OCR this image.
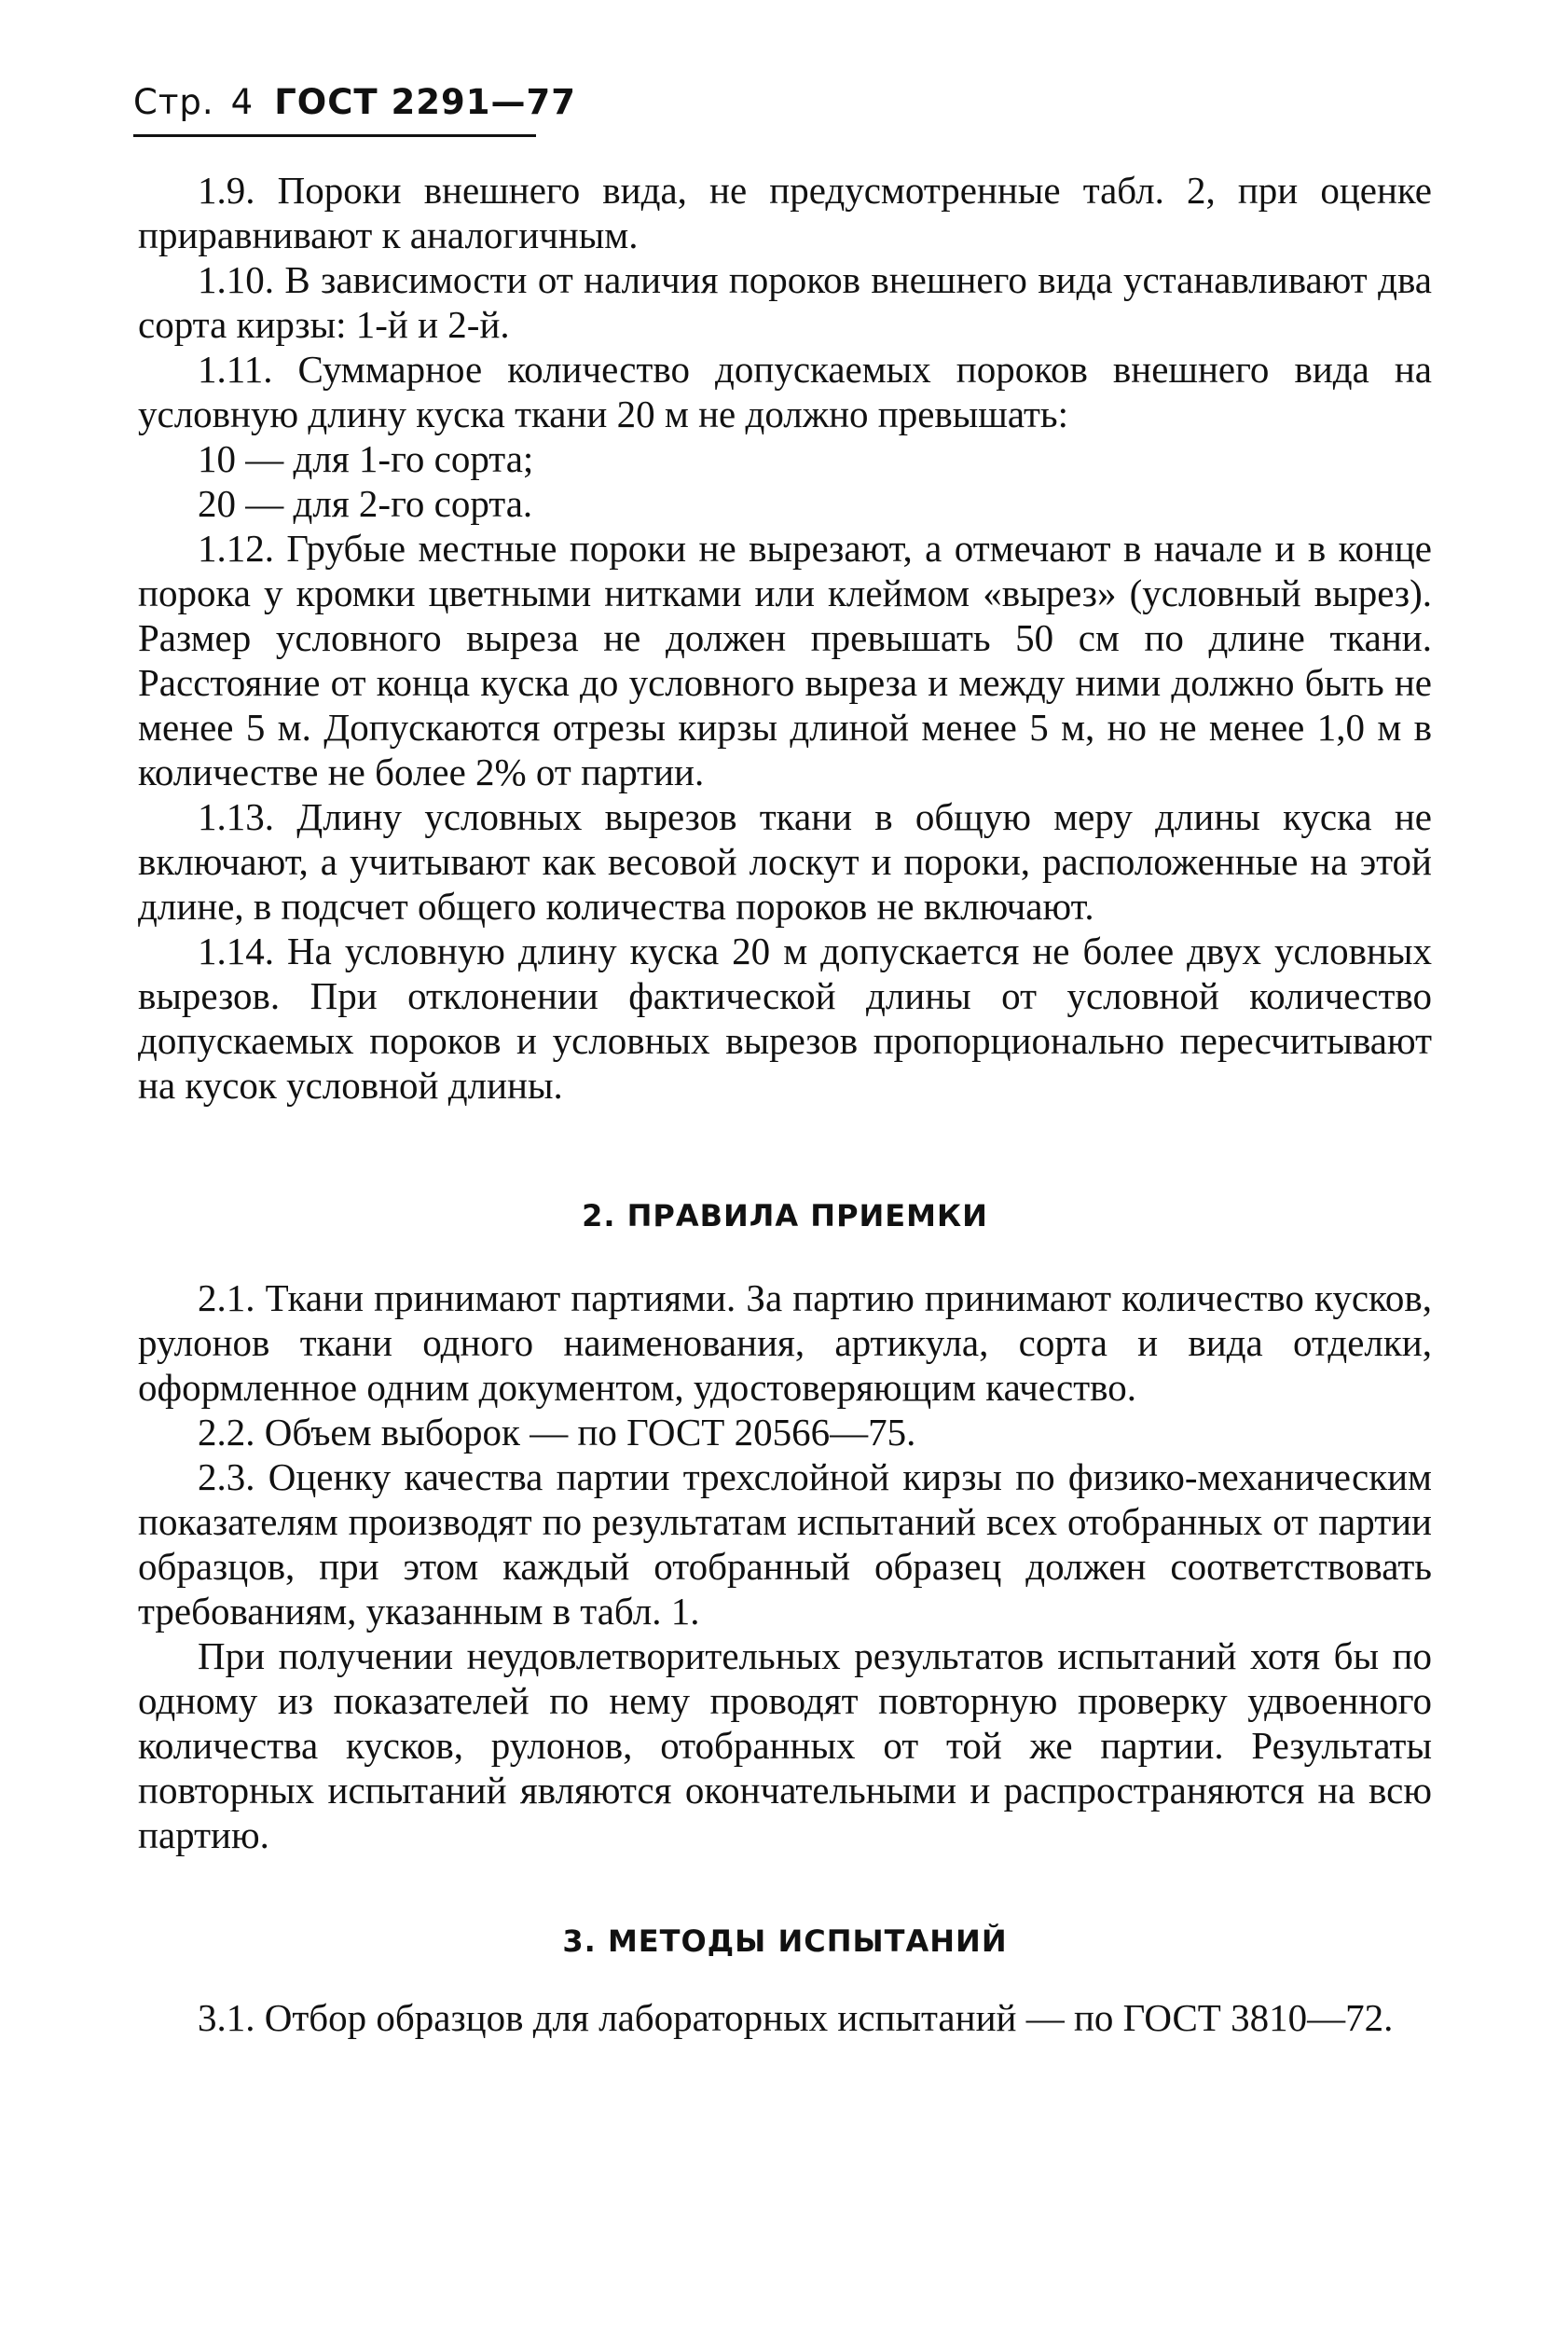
Стр. 4 ГОСТ 2291—77

1.9. Пороки внешнего вида, не предусмотренные табл. 2, при оценке приравнивают к аналогичным.

1.10. В зависимости от наличия пороков внешнего вида устанавливают два сорта кирзы: 1-й и 2-й.

1.11. Суммарное количество допускаемых пороков внешнего вида на условную длину куска ткани 20 м не должно превышать:

10 — для 1-го сорта;

20 — для 2-го сорта.

1.12. Грубые местные пороки не вырезают, а отмечают в начале и в конце порока у кромки цветными нитками или клеймом «вырез» (условный вырез). Размер условного выреза не должен превышать 50 см по длине ткани. Расстояние от конца куска до условного выреза и между ними должно быть не менее 5 м. Допускаются отрезы кирзы длиной менее 5 м, но не менее 1,0 м в количестве не более 2% от партии.

1.13. Длину условных вырезов ткани в общую меру длины куска не включают, а учитывают как весовой лоскут и пороки, расположенные на этой длине, в подсчет общего количества пороков не включают.

1.14. На условную длину куска 20 м допускается не более двух условных вырезов. При отклонении фактической длины от условной количество допускаемых пороков и условных вырезов пропорционально пересчитывают на кусок условной длины.

2. ПРАВИЛА ПРИЕМКИ

2.1. Ткани принимают партиями. За партию принимают количество кусков, рулонов ткани одного наименования, артикула, сорта и вида отделки, оформленное одним документом, удостоверяющим качество.

2.2. Объем выборок — по ГОСТ 20566—75.

2.3. Оценку качества партии трехслойной кирзы по физико-механическим показателям производят по результатам испытаний всех отобранных от партии образцов, при этом каждый отобранный образец должен соответствовать требованиям, указанным в табл. 1.

При получении неудовлетворительных результатов испытаний хотя бы по одному из показателей по нему проводят повторную проверку удвоенного количества кусков, рулонов, отобранных от той же партии. Результаты повторных испытаний являются окончательными и распространяются на всю партию.

3. МЕТОДЫ ИСПЫТАНИЙ

3.1. Отбор образцов для лабораторных испытаний — по ГОСТ 3810—72.
